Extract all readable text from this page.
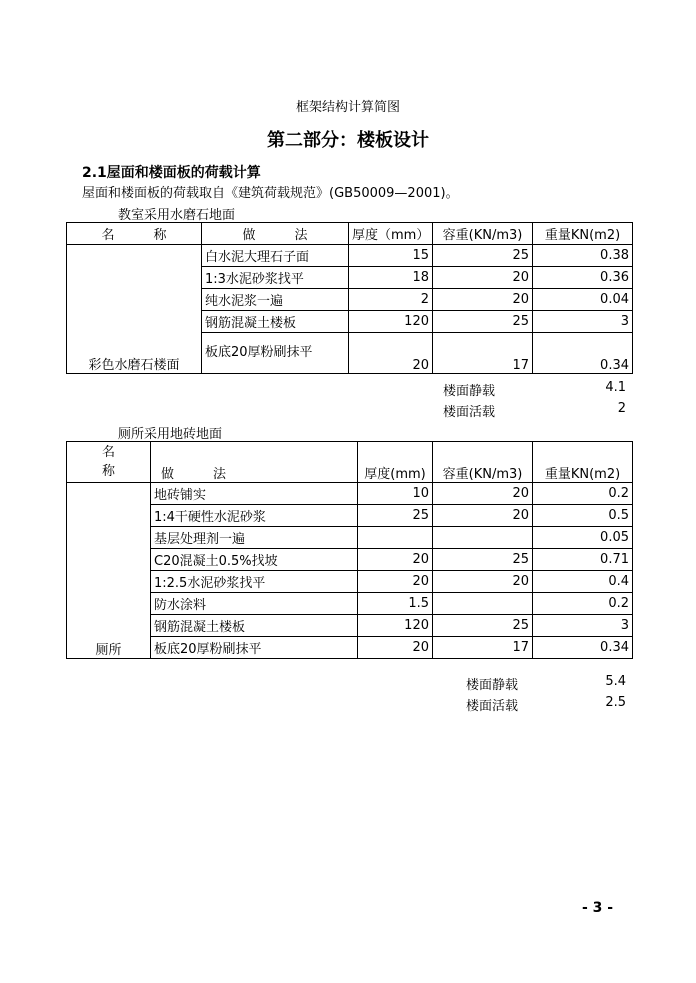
框架结构计算简图
第二部分：楼板设计
2.1屋面和楼面板的荷载计算
屋面和楼面板的荷载取自《建筑荷载规范》(GB50009—2001)。
教室采用水磨石地面
名　　　称	做　　　法	厚度（mm）	容重(KN/m3)	重量KN(m2)
彩色水磨石楼面	白水泥大理石子面	15	25	0.38
	1:3水泥砂浆找平	18	20	0.36
	纯水泥浆一遍	2	20	0.04
	钢筋混凝土楼板	120	25	3
	板底20厚粉刷抹平	20	17	0.34
楼面静载	4.1
楼面活载	2
厕所采用地砖地面
名
称	做　　　法	厚度(mm)	容重(KN/m3)	重量KN(m2)
厕所	地砖铺实	10	20	0.2
	1:4干硬性水泥砂浆	25	20	0.5
	基层处理剂一遍			0.05
	C20混凝土0.5%找坡	20	25	0.71
	1:2.5水泥砂浆找平	20	20	0.4
	防水涂料	1.5		0.2
	钢筋混凝土楼板	120	25	3
	板底20厚粉刷抹平	20	17	0.34
楼面静载	5.4
楼面活载	2.5
- 3 -
